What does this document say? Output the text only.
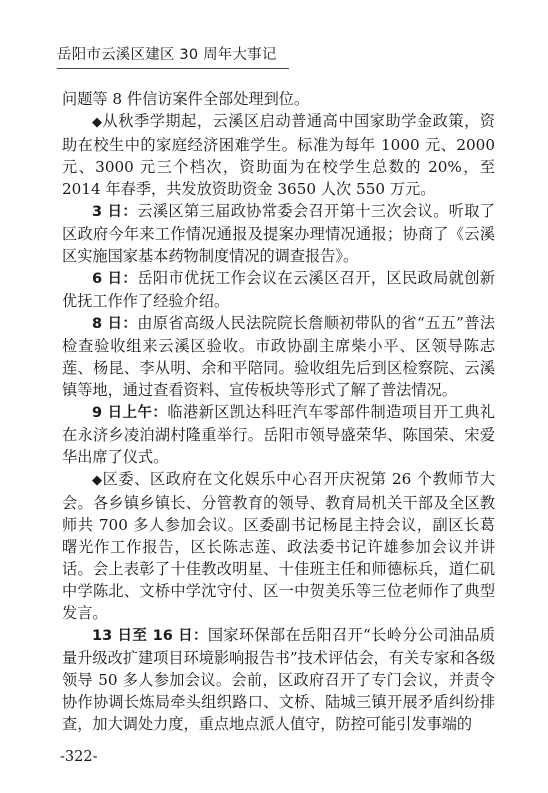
岳阳市云溪区建区 30 周年大事记

问题等 8 件信访案件全部处理到位。

◆从秋季学期起，云溪区启动普通高中国家助学金政策，资助在校生中的家庭经济困难学生。标准为每年 1000 元、2000 元、3000 元三个档次，资助面为在校学生总数的 20%，至 2014 年春季，共发放资助资金 3650 人次 550 万元。

3 日：云溪区第三届政协常委会召开第十三次会议。听取了区政府今年来工作情况通报及提案办理情况通报；协商了《云溪区实施国家基本药物制度情况的调查报告》。

6 日：岳阳市优抚工作会议在云溪区召开，区民政局就创新优抚工作作了经验介绍。

8 日：由原省高级人民法院院长詹顺初带队的省“五五”普法检查验收组来云溪区验收。市政协副主席柴小平、区领导陈志莲、杨昆、李从明、余和平陪同。验收组先后到区检察院、云溪镇等地，通过查看资料、宣传板块等形式了解了普法情况。

9 日上午：临港新区凯达科旺汽车零部件制造项目开工典礼在永济乡凌泊湖村隆重举行。岳阳市领导盛荣华、陈国荣、宋爱华出席了仪式。

◆区委、区政府在文化娱乐中心召开庆祝第 26 个教师节大会。各乡镇乡镇长、分管教育的领导、教育局机关干部及全区教师共 700 多人参加会议。区委副书记杨昆主持会议，副区长葛曙光作工作报告，区长陈志莲、政法委书记许雄参加会议并讲话。会上表彰了十佳教改明星、十佳班主任和师德标兵，道仁矶中学陈北、文桥中学沈守付、区一中贺美乐等三位老师作了典型发言。

13 日至 16 日：国家环保部在岳阳召开“长岭分公司油品质量升级改扩建项目环境影响报告书”技术评估会，有关专家和各级领导 50 多人参加会议。会前，区政府召开了专门会议，并责令协作协调长炼局牵头组织路口、文桥、陆城三镇开展矛盾纠纷排查，加大调处力度，重点地点派人值守，防控可能引发事端的

-322-
